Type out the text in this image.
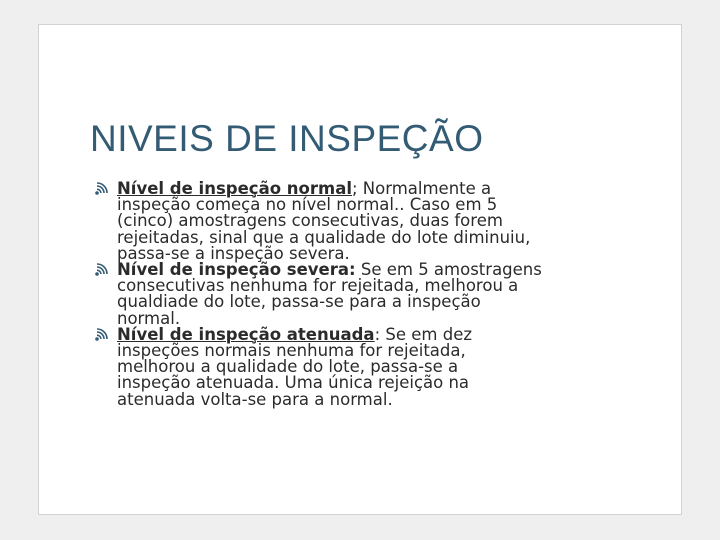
NIVEIS DE INSPEÇÃO
Nível de inspeção normal; Normalmente a
inspeção começa no nível normal.. Caso em 5
(cinco) amostragens consecutivas, duas forem
rejeitadas, sinal que a qualidade do lote diminuiu,
passa-se a inspeção severa.
Nível de inspeção severa: Se em 5 amostragens
consecutivas nenhuma for rejeitada, melhorou a
qualdiade do lote, passa-se para a inspeção
normal.
Nível de inspeção atenuada: Se em dez
inspeções normais nenhuma for rejeitada,
melhorou a qualidade do lote, passa-se a
inspeção atenuada. Uma única rejeição na
atenuada volta-se para a normal.
